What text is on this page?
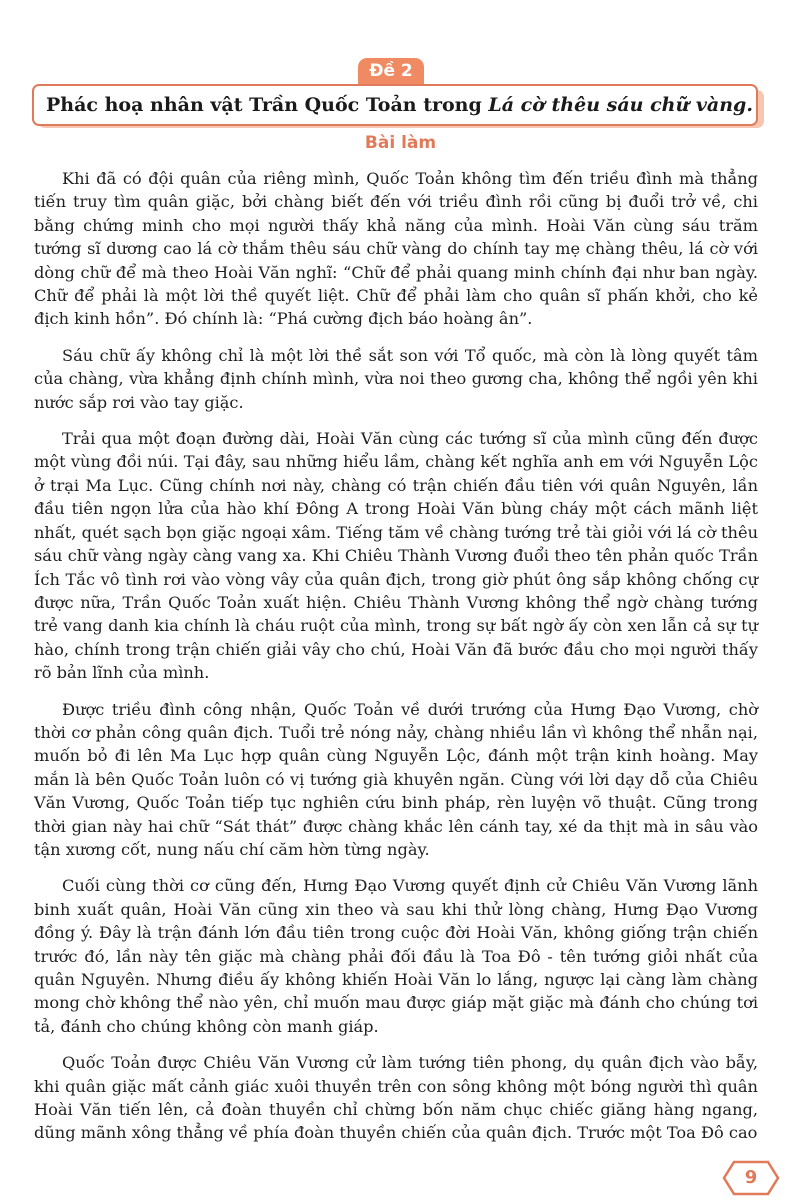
Đề 2
Phác hoạ nhân vật Trần Quốc Toản trong Lá cờ thêu sáu chữ vàng.
Bài làm

Khi đã có đội quân của riêng mình, Quốc Toản không tìm đến triều đình mà thẳng tiến truy tìm quân giặc, bởi chàng biết đến với triều đình rồi cũng bị đuổi trở về, chi bằng chứng minh cho mọi người thấy khả năng của mình. Hoài Văn cùng sáu trăm tướng sĩ dương cao lá cờ thắm thêu sáu chữ vàng do chính tay mẹ chàng thêu, lá cờ với dòng chữ để mà theo Hoài Văn nghĩ: “Chữ để phải quang minh chính đại như ban ngày. Chữ để phải là một lời thề quyết liệt. Chữ để phải làm cho quân sĩ phấn khởi, cho kẻ địch kinh hồn”. Đó chính là: “Phá cường địch báo hoàng ân”.

Sáu chữ ấy không chỉ là một lời thề sắt son với Tổ quốc, mà còn là lòng quyết tâm của chàng, vừa khẳng định chính mình, vừa noi theo gương cha, không thể ngồi yên khi nước sắp rơi vào tay giặc.

Trải qua một đoạn đường dài, Hoài Văn cùng các tướng sĩ của mình cũng đến được một vùng đồi núi. Tại đây, sau những hiểu lầm, chàng kết nghĩa anh em với Nguyễn Lộc ở trại Ma Lục. Cũng chính nơi này, chàng có trận chiến đầu tiên với quân Nguyên, lần đầu tiên ngọn lửa của hào khí Đông A trong Hoài Văn bùng cháy một cách mãnh liệt nhất, quét sạch bọn giặc ngoại xâm. Tiếng tăm về chàng tướng trẻ tài giỏi với lá cờ thêu sáu chữ vàng ngày càng vang xa. Khi Chiêu Thành Vương đuổi theo tên phản quốc Trần Ích Tắc vô tình rơi vào vòng vây của quân địch, trong giờ phút ông sắp không chống cự được nữa, Trần Quốc Toản xuất hiện. Chiêu Thành Vương không thể ngờ chàng tướng trẻ vang danh kia chính là cháu ruột của mình, trong sự bất ngờ ấy còn xen lẫn cả sự tự hào, chính trong trận chiến giải vây cho chú, Hoài Văn đã bước đầu cho mọi người thấy rõ bản lĩnh của mình.

Được triều đình công nhận, Quốc Toản về dưới trướng của Hưng Đạo Vương, chờ thời cơ phản công quân địch. Tuổi trẻ nóng nảy, chàng nhiều lần vì không thể nhẫn nại, muốn bỏ đi lên Ma Lục hợp quân cùng Nguyễn Lộc, đánh một trận kinh hoàng. May mắn là bên Quốc Toản luôn có vị tướng già khuyên ngăn. Cùng với lời dạy dỗ của Chiêu Văn Vương, Quốc Toản tiếp tục nghiên cứu binh pháp, rèn luyện võ thuật. Cũng trong thời gian này hai chữ “Sát thát” được chàng khắc lên cánh tay, xé da thịt mà in sâu vào tận xương cốt, nung nấu chí căm hờn từng ngày.

Cuối cùng thời cơ cũng đến, Hưng Đạo Vương quyết định cử Chiêu Văn Vương lãnh binh xuất quân, Hoài Văn cũng xin theo và sau khi thử lòng chàng, Hưng Đạo Vương đồng ý. Đây là trận đánh lớn đầu tiên trong cuộc đời Hoài Văn, không giống trận chiến trước đó, lần này tên giặc mà chàng phải đối đầu là Toa Đô - tên tướng giỏi nhất của quân Nguyên. Nhưng điều ấy không khiến Hoài Văn lo lắng, ngược lại càng làm chàng mong chờ không thể nào yên, chỉ muốn mau được giáp mặt giặc mà đánh cho chúng tơi tả, đánh cho chúng không còn manh giáp.

Quốc Toản được Chiêu Văn Vương cử làm tướng tiên phong, dụ quân địch vào bẫy, khi quân giặc mất cảnh giác xuôi thuyền trên con sông không một bóng người thì quân Hoài Văn tiến lên, cả đoàn thuyền chỉ chừng bốn năm chục chiếc giăng hàng ngang, dũng mãnh xông thẳng về phía đoàn thuyền chiến của quân địch. Trước một Toa Đô cao

9
